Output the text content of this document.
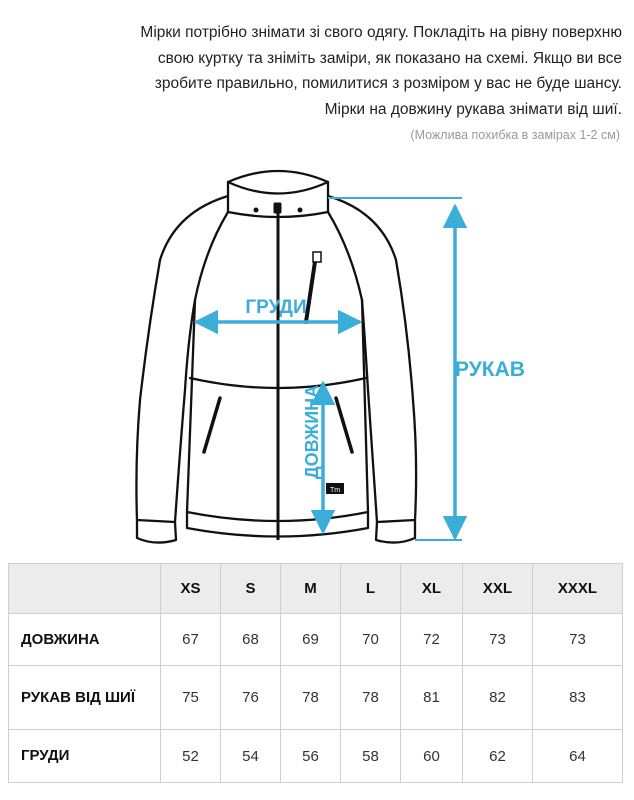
Мірки потрібно знімати зі свого одягу. Покладіть на рівну поверхню

свою куртку та зніміть заміри, як показано на схемі. Якщо ви все

зробите правильно, помилитися з розміром у вас не буде шансу.

Мірки на довжину рукава знімати від шиї.

(Можлива похибка в замірах 1-2 см)
Tm
ГРУДИ
ДОВЖИНА
РУКАВ
	XS	S	M	L	XL	XXL	XXXL
ДОВЖИНА	67	68	69	70	72	73	73
РУКАВ ВІД ШИЇ	75	76	78	78	81	82	83
ГРУДИ	52	54	56	58	60	62	64
